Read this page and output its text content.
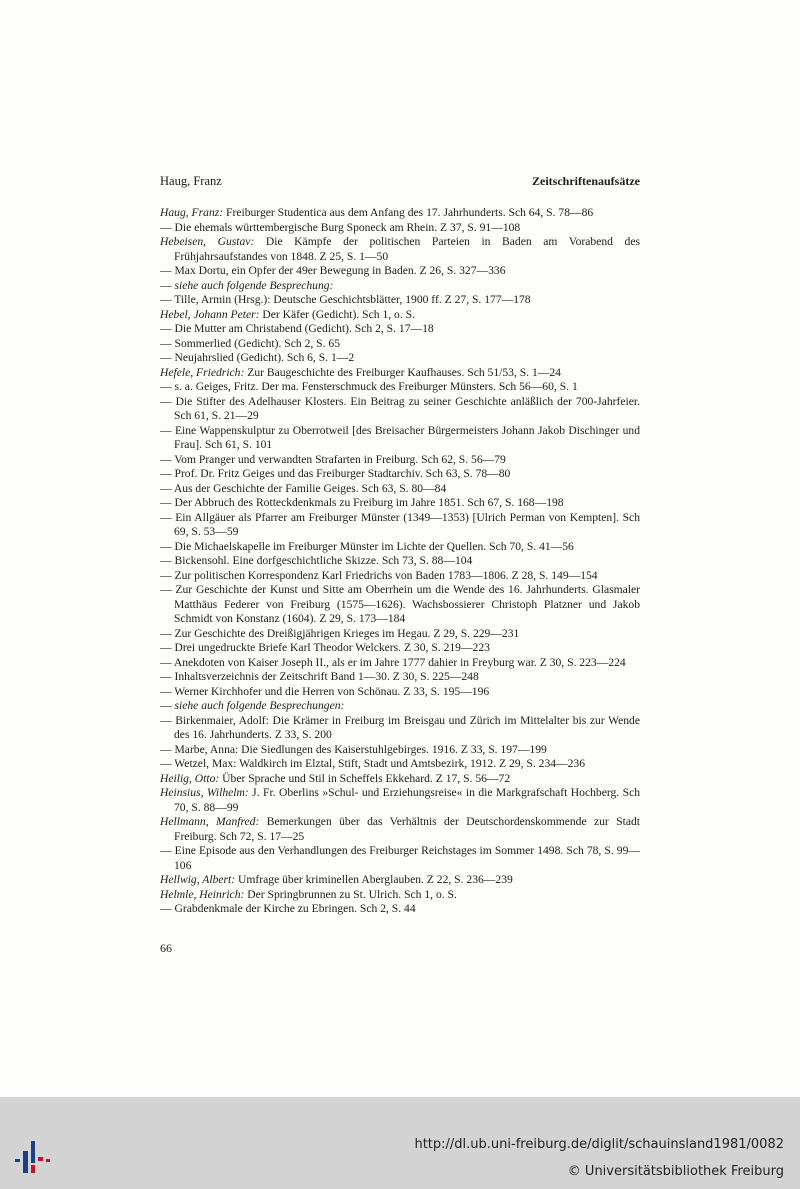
Haug, Franz	Zeitschriftenaufsätze

Haug, Franz: Freiburger Studentica aus dem Anfang des 17. Jahrhunderts. Sch 64, S. 78—86

— Die ehemals württembergische Burg Sponeck am Rhein. Z 37, S. 91—108

Hebeisen, Gustav: Die Kämpfe der politischen Parteien in Baden am Vorabend des Frühjahrsaufstandes von 1848. Z 25, S. 1—50

— Max Dortu, ein Opfer der 49er Bewegung in Baden. Z 26, S. 327—336

— siehe auch folgende Besprechung:

— Tille, Armin (Hrsg.): Deutsche Geschichtsblätter, 1900 ff. Z 27, S. 177—178

Hebel, Johann Peter: Der Käfer (Gedicht). Sch 1, o. S.

— Die Mutter am Christabend (Gedicht). Sch 2, S. 17—18

— Sommerlied (Gedicht). Sch 2, S. 65

— Neujahrslied (Gedicht). Sch 6, S. 1—2

Hefele, Friedrich: Zur Baugeschichte des Freiburger Kaufhauses. Sch 51/53, S. 1—24

— s. a. Geiges, Fritz. Der ma. Fensterschmuck des Freiburger Münsters. Sch 56—60, S. 1

— Die Stifter des Adelhauser Klosters. Ein Beitrag zu seiner Geschichte anläßlich der 700-Jahrfeier. Sch 61, S. 21—29

— Eine Wappenskulptur zu Oberrotweil [des Breisacher Bürgermeisters Johann Jakob Dischinger und Frau]. Sch 61, S. 101

— Vom Pranger und verwandten Strafarten in Freiburg. Sch 62, S. 56—79

— Prof. Dr. Fritz Geiges und das Freiburger Stadtarchiv. Sch 63, S. 78—80

— Aus der Geschichte der Familie Geiges. Sch 63, S. 80—84

— Der Abbruch des Rotteckdenkmals zu Freiburg im Jahre 1851. Sch 67, S. 168—198

— Ein Allgäuer als Pfarrer am Freiburger Münster (1349—1353) [Ulrich Perman von Kempten]. Sch 69, S. 53—59

— Die Michaelskapelle im Freiburger Münster im Lichte der Quellen. Sch 70, S. 41—56

— Bickensohl. Eine dorfgeschichtliche Skizze. Sch 73, S. 88—104

— Zur politischen Korrespondenz Karl Friedrichs von Baden 1783—1806. Z 28, S. 149—154

— Zur Geschichte der Kunst und Sitte am Oberrhein um die Wende des 16. Jahrhunderts. Glasmaler Matthäus Federer von Freiburg (1575—1626). Wachsbossierer Christoph Platzner und Jakob Schmidt von Konstanz (1604). Z 29, S. 173—184

— Zur Geschichte des Dreißigjährigen Krieges im Hegau. Z 29, S. 229—231

— Drei ungedruckte Briefe Karl Theodor Welckers. Z 30, S. 219—223

— Anekdoten von Kaiser Joseph II., als er im Jahre 1777 dahier in Freyburg war. Z 30, S. 223—224

— Inhaltsverzeichnis der Zeitschrift Band 1—30. Z 30, S. 225—248

— Werner Kirchhofer und die Herren von Schönau. Z 33, S. 195—196

— siehe auch folgende Besprechungen:

— Birkenmaier, Adolf: Die Krämer in Freiburg im Breisgau und Zürich im Mittelalter bis zur Wende des 16. Jahrhunderts. Z 33, S. 200

— Marbe, Anna: Die Siedlungen des Kaiserstuhlgebirges. 1916. Z 33, S. 197—199

— Wetzel, Max: Waldkirch im Elztal, Stift, Stadt und Amtsbezirk, 1912. Z 29, S. 234—236

Heilig, Otto: Über Sprache und Stil in Scheffels Ekkehard. Z 17, S. 56—72

Heinsius, Wilhelm: J. Fr. Oberlins »Schul- und Erziehungsreise« in die Markgrafschaft Hochberg. Sch 70, S. 88—99

Hellmann, Manfred: Bemerkungen über das Verhältnis der Deutschordenskommende zur Stadt Freiburg. Sch 72, S. 17—25

— Eine Episode aus den Verhandlungen des Freiburger Reichstages im Sommer 1498. Sch 78, S. 99—106

Hellwig, Albert: Umfrage über kriminellen Aberglauben. Z 22, S. 236—239

Helmle, Heinrich: Der Springbrunnen zu St. Ulrich. Sch 1, o. S.

— Grabdenkmale der Kirche zu Ebringen. Sch 2, S. 44

66
http://dl.ub.uni-freiburg.de/diglit/schauinsland1981/0082
© Universitätsbibliothek Freiburg
